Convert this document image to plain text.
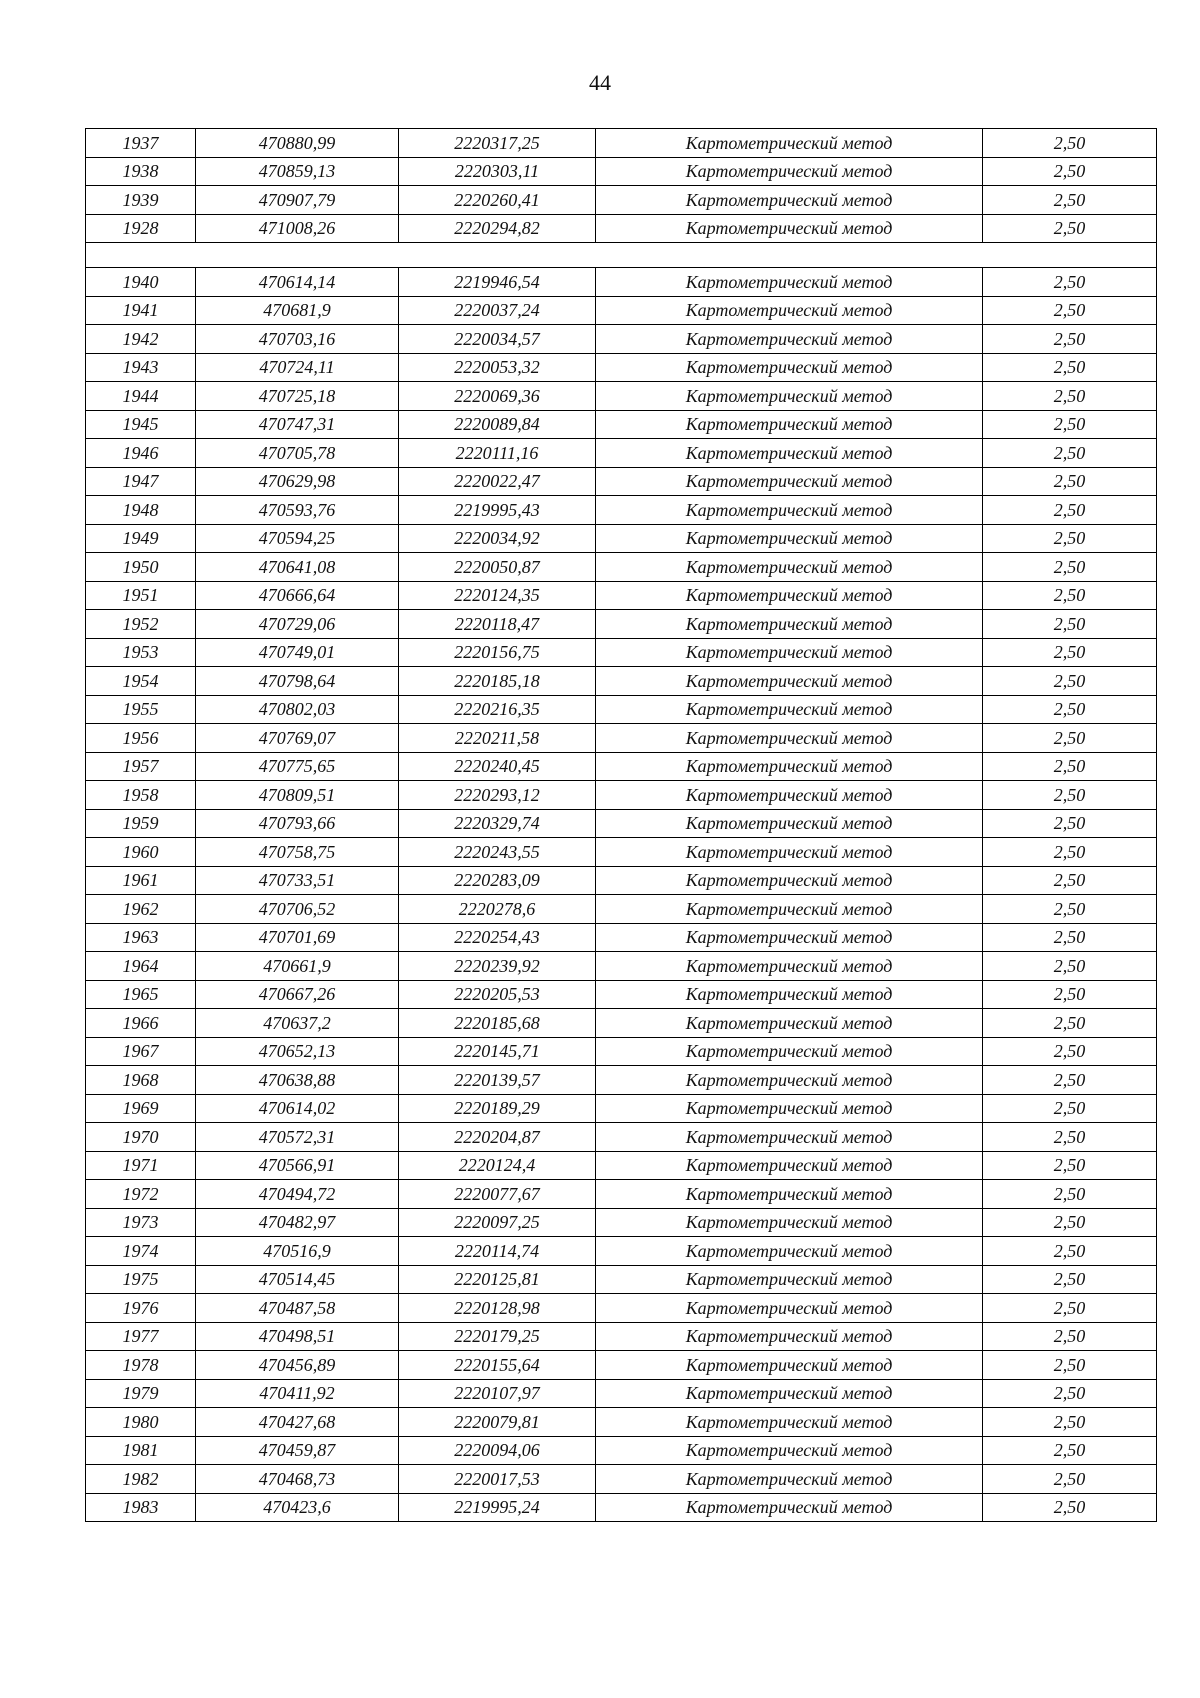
44
1937	470880,99	2220317,25	Картометрический метод	2,50
1938	470859,13	2220303,11	Картометрический метод	2,50
1939	470907,79	2220260,41	Картометрический метод	2,50
1928	471008,26	2220294,82	Картометрический метод	2,50

1940	470614,14	2219946,54	Картометрический метод	2,50
1941	470681,9	2220037,24	Картометрический метод	2,50
1942	470703,16	2220034,57	Картометрический метод	2,50
1943	470724,11	2220053,32	Картометрический метод	2,50
1944	470725,18	2220069,36	Картометрический метод	2,50
1945	470747,31	2220089,84	Картометрический метод	2,50
1946	470705,78	2220111,16	Картометрический метод	2,50
1947	470629,98	2220022,47	Картометрический метод	2,50
1948	470593,76	2219995,43	Картометрический метод	2,50
1949	470594,25	2220034,92	Картометрический метод	2,50
1950	470641,08	2220050,87	Картометрический метод	2,50
1951	470666,64	2220124,35	Картометрический метод	2,50
1952	470729,06	2220118,47	Картометрический метод	2,50
1953	470749,01	2220156,75	Картометрический метод	2,50
1954	470798,64	2220185,18	Картометрический метод	2,50
1955	470802,03	2220216,35	Картометрический метод	2,50
1956	470769,07	2220211,58	Картометрический метод	2,50
1957	470775,65	2220240,45	Картометрический метод	2,50
1958	470809,51	2220293,12	Картометрический метод	2,50
1959	470793,66	2220329,74	Картометрический метод	2,50
1960	470758,75	2220243,55	Картометрический метод	2,50
1961	470733,51	2220283,09	Картометрический метод	2,50
1962	470706,52	2220278,6	Картометрический метод	2,50
1963	470701,69	2220254,43	Картометрический метод	2,50
1964	470661,9	2220239,92	Картометрический метод	2,50
1965	470667,26	2220205,53	Картометрический метод	2,50
1966	470637,2	2220185,68	Картометрический метод	2,50
1967	470652,13	2220145,71	Картометрический метод	2,50
1968	470638,88	2220139,57	Картометрический метод	2,50
1969	470614,02	2220189,29	Картометрический метод	2,50
1970	470572,31	2220204,87	Картометрический метод	2,50
1971	470566,91	2220124,4	Картометрический метод	2,50
1972	470494,72	2220077,67	Картометрический метод	2,50
1973	470482,97	2220097,25	Картометрический метод	2,50
1974	470516,9	2220114,74	Картометрический метод	2,50
1975	470514,45	2220125,81	Картометрический метод	2,50
1976	470487,58	2220128,98	Картометрический метод	2,50
1977	470498,51	2220179,25	Картометрический метод	2,50
1978	470456,89	2220155,64	Картометрический метод	2,50
1979	470411,92	2220107,97	Картометрический метод	2,50
1980	470427,68	2220079,81	Картометрический метод	2,50
1981	470459,87	2220094,06	Картометрический метод	2,50
1982	470468,73	2220017,53	Картометрический метод	2,50
1983	470423,6	2219995,24	Картометрический метод	2,50
